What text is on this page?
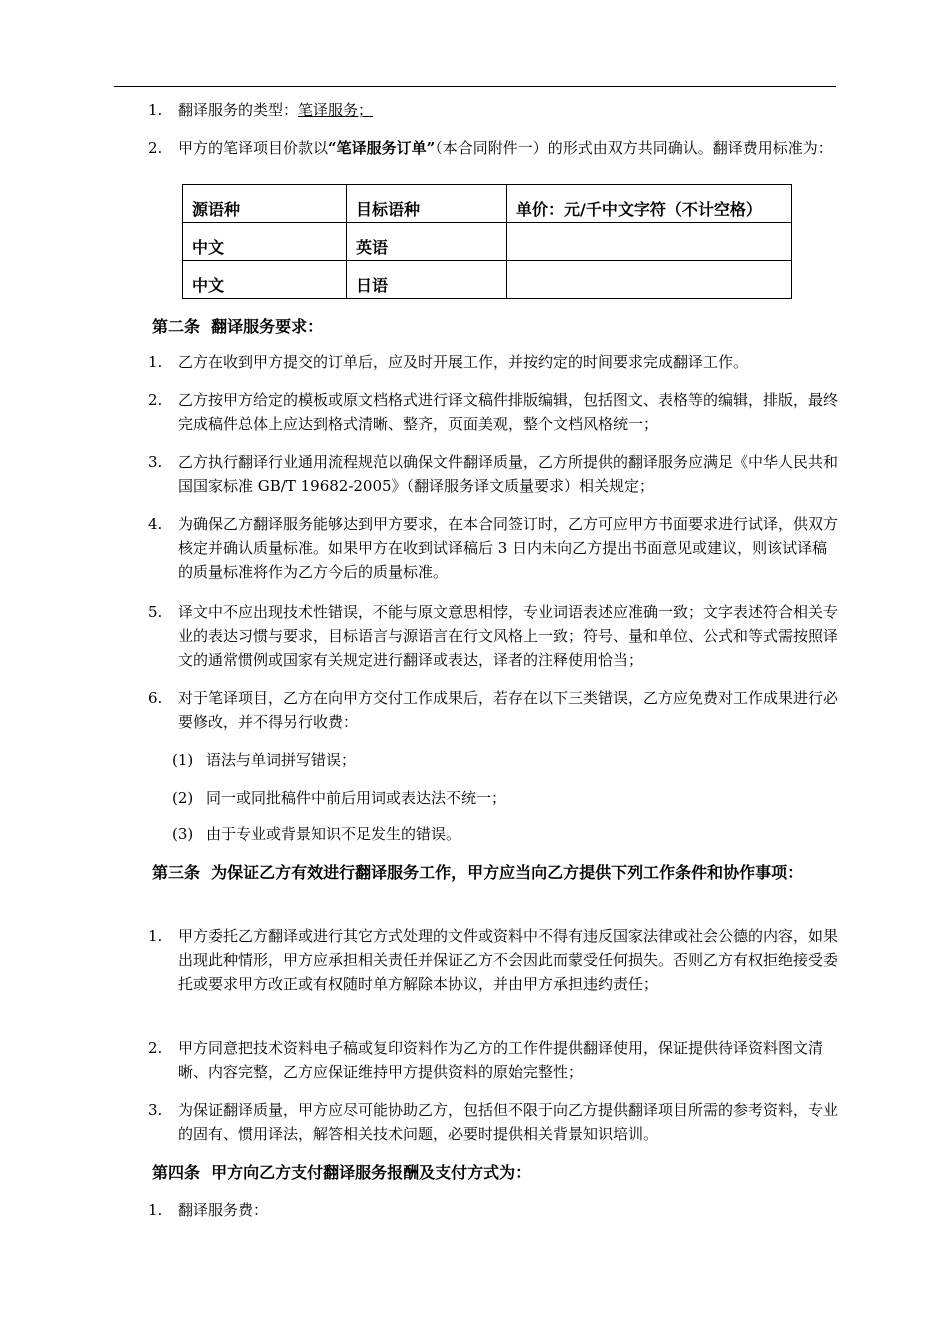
1.	翻译服务的类型：笔译服务；
2.	甲方的笔译项目价款以“笔译服务订单”（本合同附件一）的形式由双方共同确认。翻译费用标准为：
源语种	目标语种	单价：元/千中文字符（不计空格）
中文	英语	
中文	日语	
第二条  翻译服务要求：
1.	乙方在收到甲方提交的订单后，应及时开展工作，并按约定的时间要求完成翻译工作。
2.	乙方按甲方给定的模板或原文档格式进行译文稿件排版编辑，包括图文、表格等的编辑，排版，最终完成稿件总体上应达到格式清晰、整齐，页面美观，整个文档风格统一；
3.	乙方执行翻译行业通用流程规范以确保文件翻译质量，乙方所提供的翻译服务应满足《中华人民共和国国家标准 GB/T 19682-2005》（翻译服务译文质量要求）相关规定；
4.	为确保乙方翻译服务能够达到甲方要求，在本合同签订时，乙方可应甲方书面要求进行试译，供双方核定并确认质量标准。如果甲方在收到试译稿后 3 日内未向乙方提出书面意见或建议，则该试译稿的质量标准将作为乙方今后的质量标准。
5.	译文中不应出现技术性错误，不能与原文意思相悖，专业词语表述应准确一致；文字表述符合相关专业的表达习惯与要求，目标语言与源语言在行文风格上一致；符号、量和单位、公式和等式需按照译文的通常惯例或国家有关规定进行翻译或表达，译者的注释使用恰当；
6.	对于笔译项目，乙方在向甲方交付工作成果后，若存在以下三类错误，乙方应免费对工作成果进行必要修改，并不得另行收费：
(1) 语法与单词拼写错误；
(2) 同一或同批稿件中前后用词或表达法不统一；
(3) 由于专业或背景知识不足发生的错误。
第三条  为保证乙方有效进行翻译服务工作，甲方应当向乙方提供下列工作条件和协作事项：
1.	甲方委托乙方翻译或进行其它方式处理的文件或资料中不得有违反国家法律或社会公德的内容，如果出现此种情形，甲方应承担相关责任并保证乙方不会因此而蒙受任何损失。否则乙方有权拒绝接受委托或要求甲方改正或有权随时单方解除本协议，并由甲方承担违约责任；
2.	甲方同意把技术资料电子稿或复印资料作为乙方的工作件提供翻译使用，保证提供待译资料图文清晰、内容完整，乙方应保证维持甲方提供资料的原始完整性；
3.	为保证翻译质量，甲方应尽可能协助乙方，包括但不限于向乙方提供翻译项目所需的参考资料，专业的固有、惯用译法，解答相关技术问题，必要时提供相关背景知识培训。
第四条  甲方向乙方支付翻译服务报酬及支付方式为：
1.	翻译服务费：
